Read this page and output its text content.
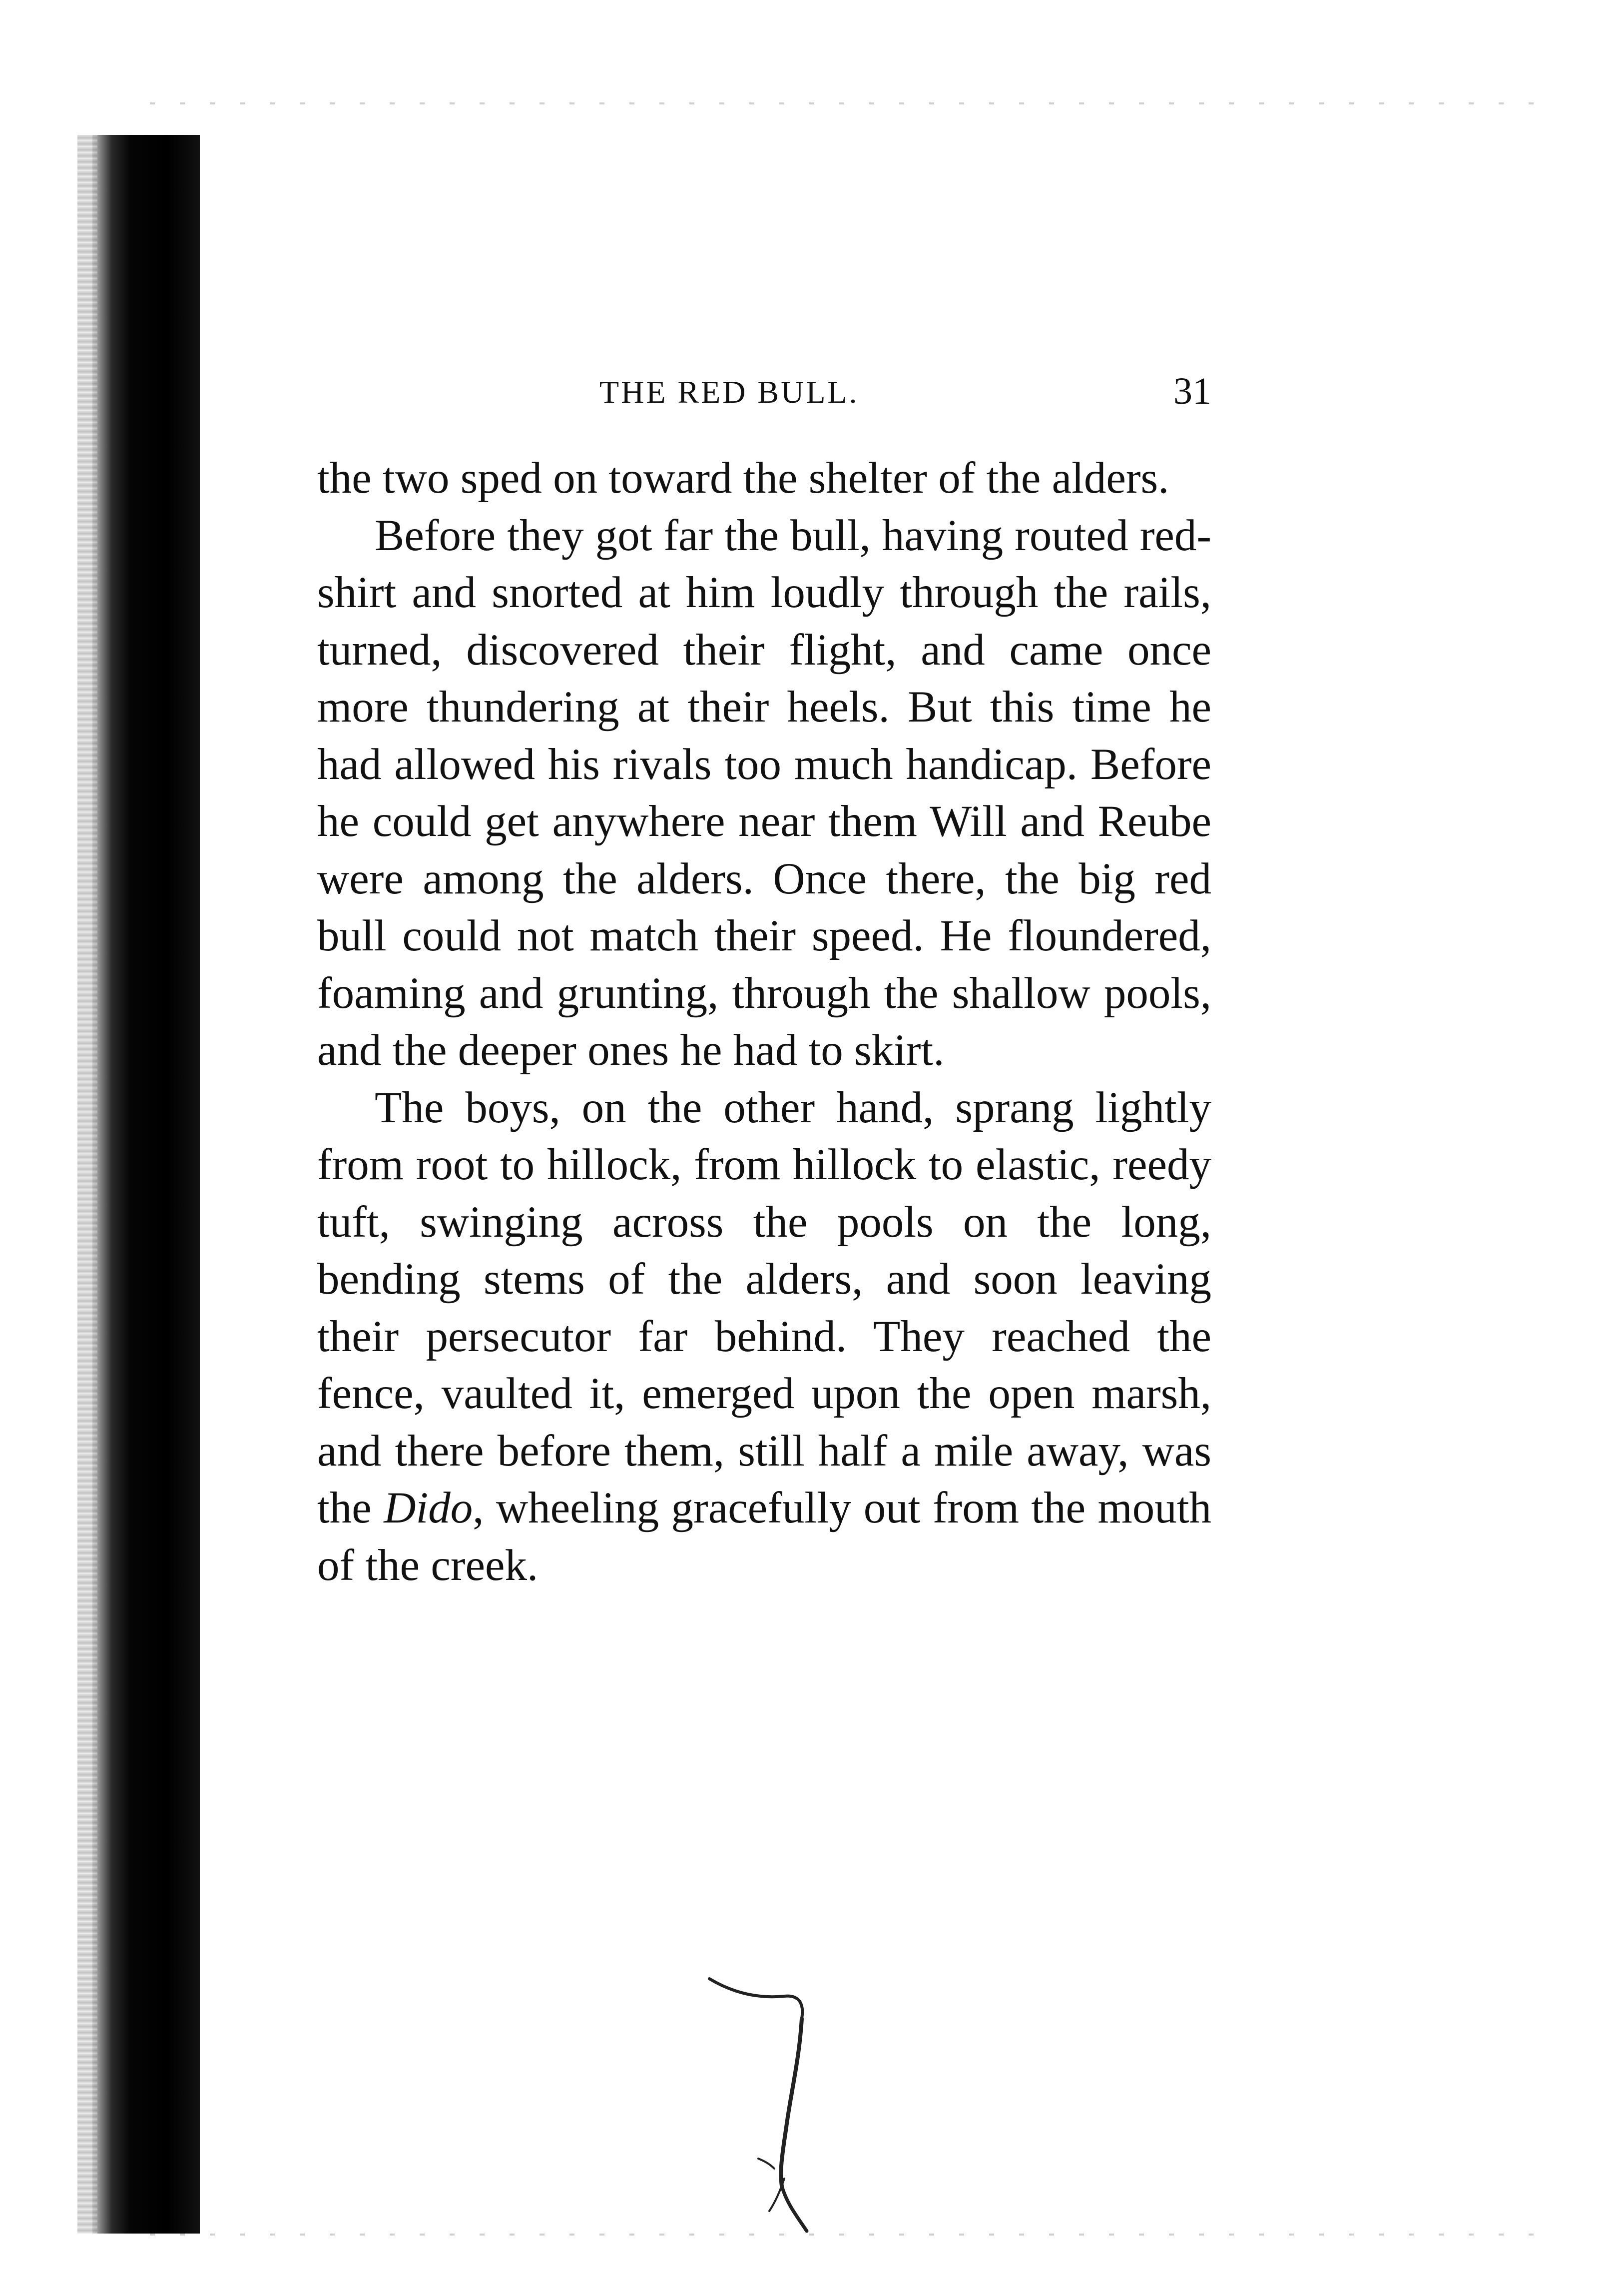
THE RED BULL.	31

the two sped on toward the shelter of the alders.

Before they got far the bull, having routed red-shirt and snorted at him loudly through the rails, turned, discovered their flight, and came once more thundering at their heels. But this time he had allowed his rivals too much handicap. Before he could get anywhere near them Will and Reube were among the alders. Once there, the big red bull could not match their speed. He floundered, foaming and grunting, through the shallow pools, and the deeper ones he had to skirt.

The boys, on the other hand, sprang lightly from root to hillock, from hillock to elastic, reedy tuft, swinging across the pools on the long, bending stems of the alders, and soon leaving their persecutor far behind. They reached the fence, vaulted it, emerged upon the open marsh, and there before them, still half a mile away, was the Dido, wheeling gracefully out from the mouth of the creek.
